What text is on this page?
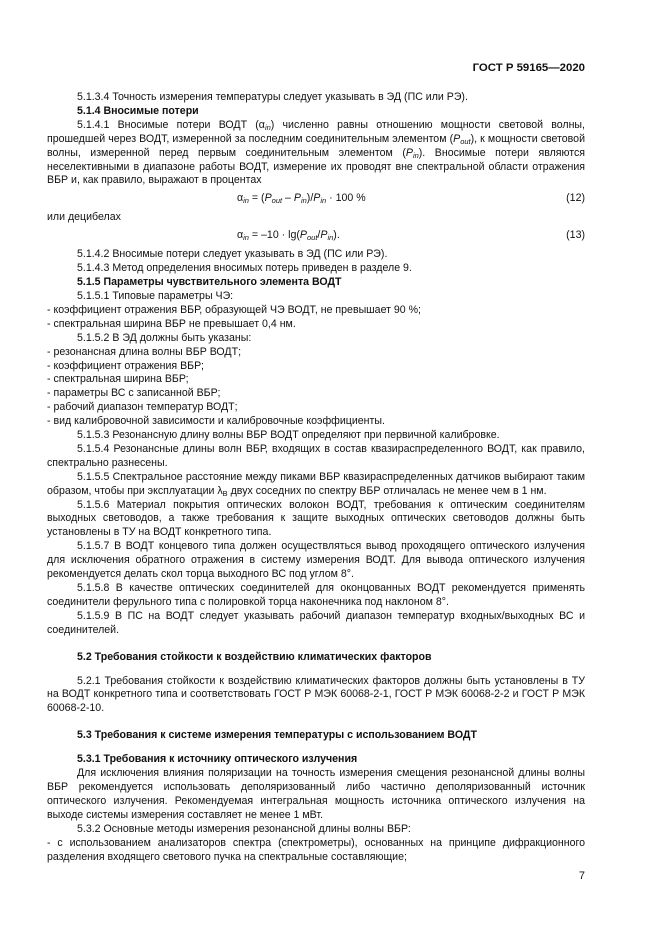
ГОСТ Р 59165—2020

5.1.3.4 Точность измерения температуры следует указывать в ЭД (ПС или РЭ).

5.1.4 Вносимые потери

5.1.4.1 Вносимые потери ВОДТ $(\alpha_{in})$ численно равны отношению мощности световой волны, прошедшей через ВОДТ, измеренной за последним соединительным элементом $(P_{out})$, к мощности световой волны, измеренной перед первым соединительным элементом $(P_{in})$. Вносимые потери являются неселективными в диапазоне работы ВОДТ, измерение их проводят вне спектральной области отражения ВБР и, как правило, выражают в процентах

$\alpha_{in} = (P_{out} - P_{in})/P_{in} \cdot 100$ %	(12)

или децибелах

$\alpha_{in} = -10 \cdot \lg(P_{out}/P_{in})$.	(13)

5.1.4.2 Вносимые потери следует указывать в ЭД (ПС или РЭ).

5.1.4.3 Метод определения вносимых потерь приведен в разделе 9.

5.1.5 Параметры чувствительного элемента ВОДТ

5.1.5.1 Типовые параметры ЧЭ:

- коэффициент отражения ВБР, образующей ЧЭ ВОДТ, не превышает 90 %;

- спектральная ширина ВБР не превышает 0,4 нм.

5.1.5.2 В ЭД должны быть указаны:

- резонансная длина волны ВБР ВОДТ;

- коэффициент отражения ВБР;

- спектральная ширина ВБР;

- параметры ВС с записанной ВБР;

- рабочий диапазон температур ВОДТ;

- вид калибровочной зависимости и калибровочные коэффициенты.

5.1.5.3 Резонансную длину волны ВБР ВОДТ определяют при первичной калибровке.

5.1.5.4 Резонансные длины волн ВБР, входящих в состав квазираспределенного ВОДТ, как правило, спектрально разнесены.

5.1.5.5 Спектральное расстояние между пиками ВБР квазираспределенных датчиков выбирают таким образом, чтобы при эксплуатации $\lambda_B$ двух соседних по спектру ВБР отличалась не менее чем в 1 нм.

5.1.5.6 Материал покрытия оптических волокон ВОДТ, требования к оптическим соединителям выходных световодов, а также требования к защите выходных оптических световодов должны быть установлены в ТУ на ВОДТ конкретного типа.

5.1.5.7 В ВОДТ концевого типа должен осуществляться вывод проходящего оптического излучения для исключения обратного отражения в систему измерения ВОДТ. Для вывода оптического излучения рекомендуется делать скол торца выходного ВС под углом 8°.

5.1.5.8 В качестве оптических соединителей для оконцованных ВОДТ рекомендуется применять соединители ферульного типа с полировкой торца наконечника под наклоном 8°.

5.1.5.9 В ПС на ВОДТ следует указывать рабочий диапазон температур входных/выходных ВС и соединителей.

5.2 Требования стойкости к воздействию климатических факторов

5.2.1 Требования стойкости к воздействию климатических факторов должны быть установлены в ТУ на ВОДТ конкретного типа и соответствовать ГОСТ Р МЭК 60068-2-1, ГОСТ Р МЭК 60068-2-2 и ГОСТ Р МЭК 60068-2-10.

5.3 Требования к системе измерения температуры с использованием ВОДТ

5.3.1 Требования к источнику оптического излучения

Для исключения влияния поляризации на точность измерения смещения резонансной длины волны ВБР рекомендуется использовать деполяризованный либо частично деполяризованный источник оптического излучения. Рекомендуемая интегральная мощность источника оптического излучения на выходе системы измерения составляет не менее 1 мВт.

5.3.2 Основные методы измерения резонансной длины волны ВБР:

- с использованием анализаторов спектра (спектрометры), основанных на принципе дифракционного разделения входящего светового пучка на спектральные составляющие;

7
